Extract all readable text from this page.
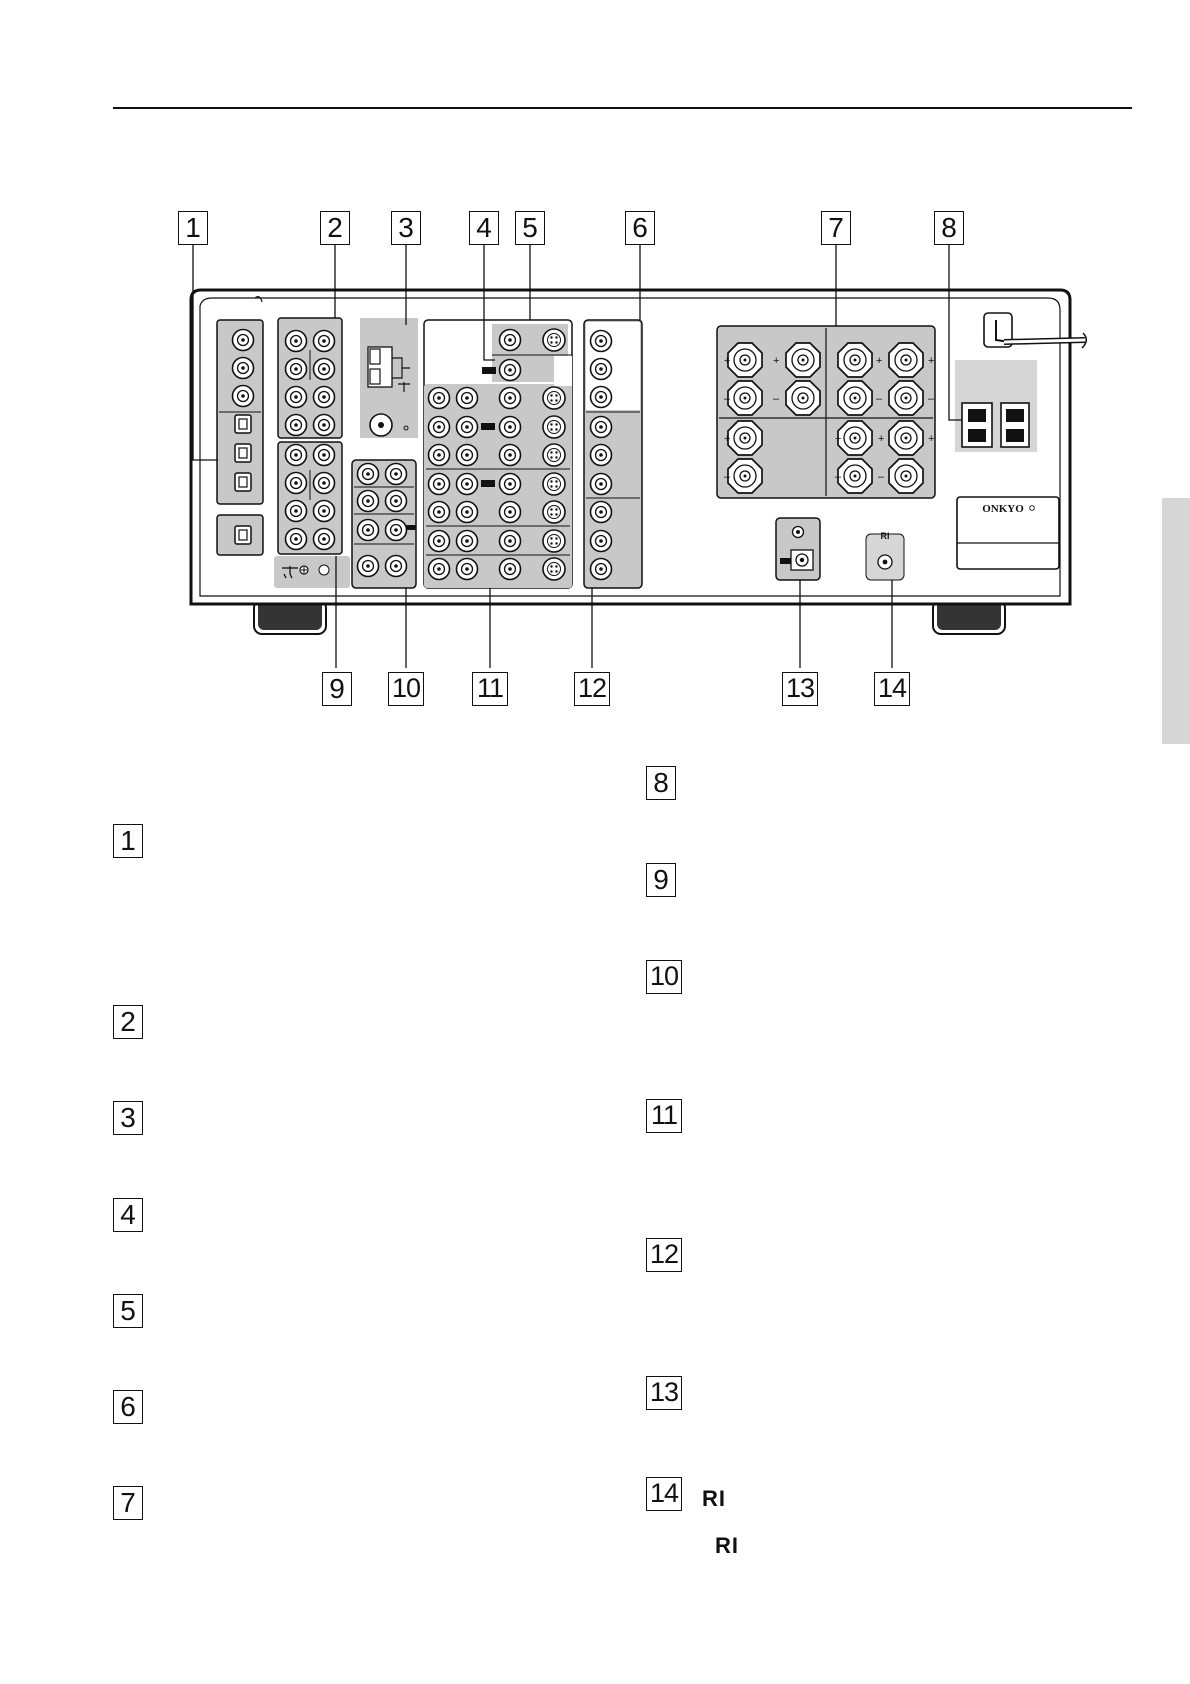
+
–
+
–
+
–
+
–
+
–
+
–
+
–
+
ONKYO
RI
1	2 3 4 5	6	7	8
9 10 11	12	13 14
1
2
3
4
5
6
7
8
9
10
11
12
13
14 RI
RI
